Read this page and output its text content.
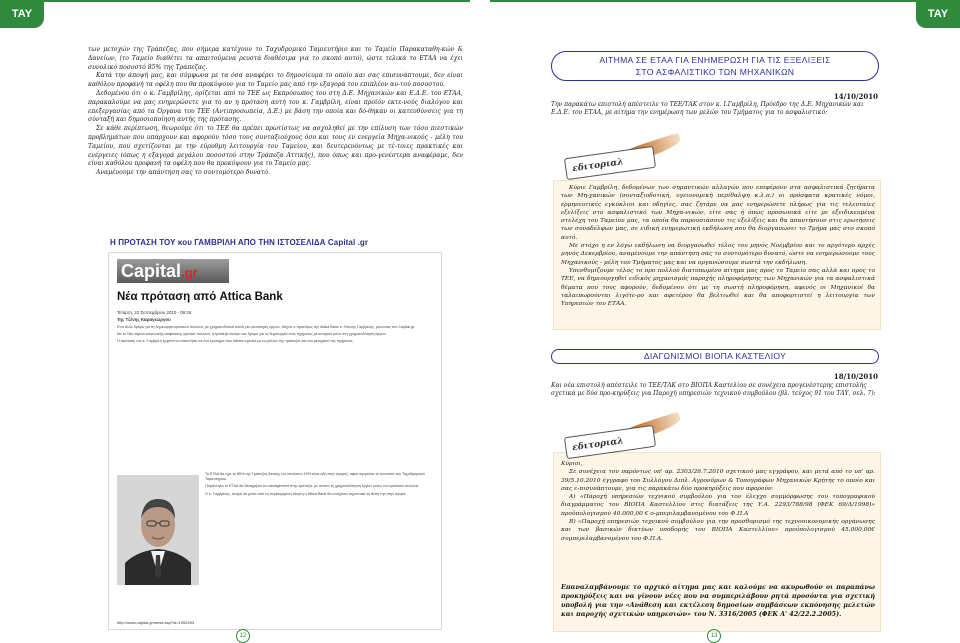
ΤΑΥ	ΤΑΥ

των μετοχών της Τράπεζας, που σήμερα κατέχουν το Ταχυδρομικό Ταμιευτήριο και το Ταμείο Παρακαταθη-κών & Δανείων, (το Ταμείο διαθέτει τα απαιτούμενα ρευστά διαθέσιμα για το σκοπό αυτό), ώστε τελικά το ΕΤΑΑ να έχει συνολικό ποσοστό 85% της Τράπεζας.

Κατά την άποψή μας, και σύμφωνα με τα όσα αναφέρει το δημοσίευμα το οποίο και σας επισυνάπτουμε, δεν είναι καθόλου προφανή τα οφέλη που θα προκύψουν για το Ταμείο μας από την εξαγορά του επιπλέον αυ-τού ποσοστού.

Δεδομένου ότι ο κ. Γαμβρίλης, ορίζεται από το ΤΕΕ ως Εκπρόσωπος του στη Δ.Ε. Μηχανικών και Ε.Δ.Ε. του ΕΤΑΑ, παρακαλούμε να μας ενημερώσετε για το αν η πρόταση αυτή του κ. Γαμβρίλη, είναι προϊόν εκτε-νούς διαλόγου και επεξεργασίας από τα Όργανα του ΤΕΕ (Αντιπροσωπεία, Δ.Ε.) με βάση την οποία και δό-θηκαν οι κατευθύνσεις για τη σύνταξή και δημοσιοποίηση αυτής της πρότασης.

Σε κάθε περίπτωση, θεωρούμε ότι το ΤΕΕ θα πρέπει πρωτίστως να ασχοληθεί με την επίλυση των τόσο πιεστικών προβλημάτων που υπάρχουν και αφορούν τόσο τους συνταξιούχους όσο και τους εν ενεργεία Μηχα-νικούς - μέλη του Ταμείου, που σχετίζονται με την εύρυθμη λειτουργία του Ταμείου, και δευτερευόντως με τέ-τοιες πρακτικές και ενέργειες (όπως η εξαγορά μεγάλου ποσοστού στην Τράπεζα Αττικής), που όπως και προ-γενέστερα αναφέραμε, δεν είναι καθόλου προφανή τα οφέλη που θα προκύψουν για το Ταμείο μας.

Αναμένουμε την απάντηση σας το συντομότερο δυνατό.

Η ΠΡΟΤΑΣΗ ΤΟΥ κου ΓΑΜΒΡΙΛΗ ΑΠΟ ΤΗΝ ΙΣΤΟΣΕΛΙΔΑ Capital .gr
Capital.gr
Νέα πρόταση από Attica Bank
Τετάρτη, 22 Σεπτεμβρίου 2010 - 09:26
Της Τζένης Καραγεώργου

Ένα άλλο δρόμο για τη δημιουργία κρατικού πυλώνα, με χρηματοδοτικά ποσά για υλοποίηση έργων, δείχνει ο πρόεδρος της Attica Bank κ. Γιάννης Γαμβρίλης, μιλώντας στο Capital.gr.

Με το Νέο ταμείο κοινωνικής ασφάλισης κρατικό πυλώνα, η τράπεζα ανοίγει τον δρόμο για τη δημιουργία ενός σχήματος με κεντρικό ρόλο στη χρηματοδότηση έργων.

Η πρόταση του κ. Γαμβρίλη έρχεται να απαντήσει σε ένα ερώτημα που τίθεται σχετικά με το μέλλον της τράπεζας και του μετοχικού της σχήματος.

Το ΕΤΑΑ θα έχει το 85% της Τράπεζας Αττικής (το υπόλοιπο 15% είναι ήδη στην αγορά), αφού αγοράσει το ποσοστό του Ταχυδρομικού Ταμιευτηρίου.

Παράλληλα το ΕΤΑΑ θα διατηρήσει το management στην τράπεζα, με σκοπό τη χρηματοδότηση έργων μέσω του κρατικού πυλώνα.

Ο κ. Γαμβρίλης, εκτιμά ότι μέσα από τη συγκεκριμένη κίνηση η Attica Bank θα ενισχύσει σημαντικά τη θέση της στην αγορά.

http://www.capital.gr/news.asp?id=1052493
ΑΙΤΗΜΑ ΣΕ ΕΤΑΑ ΓΙΑ ΕΝΗΜΕΡΩΣΗ ΓΙΑ ΤΙΣ ΕΞΕΛΙΞΕΙΣ
ΣΤΟ ΑΣΦΑΛΙΣΤΙΚΟ ΤΩΝ ΜΗΧΑΝΙΚΩΝ
14/10/2010
Την παρακάτω επιστολή απέστειλε το ΤΕΕ/ΤΑΚ στον κ. Ι.Γαμβρίλη, Πρόεδρο της Δ.Ε. Μηχανικών και Ε.Δ.Ε. του ΕΤΑΑ, με αίτημα την ενημέρωση των μελών του Τμήματος για το ασφαλιστικό:
εδιτοριαλ

Κύριε Γαμβρίλη, δεδομένων των σημαντικών αλλαγών που επιφέρουν στα ασφαλιστικά ζητήματα των Μη-χανικών (συνταξιοδοτική, υγειονομική περίθαλψη κ.λ.π.) οι πρόσφατα κρατικές νόμοι, ερμηνευτικές εγκύκλιοι και οδηγίες, σας ζητάμε να μας ενημερώσετε πλήρως για τις τελευταίες εξελίξεις στο ασφαλιστικό των Μηχα-νικών, είτε σας ή όπως προσωπικά είτε με εξειδικευμένα στελέχη του Ταμείου μας, τα οποία θα παρουσιάσουν τις εξελίξεις και θα απαντήσουν στις ερωτήσεις των συναδέλφων μας, σε ειδική ενημερωτική εκδήλωση που θα διοργανώσει το Τμήμα μας στο σκοπό αυτό.

Με στόχο η εν λόγω εκδήλωση να διοργανωθεί τέλος του μηνός Νοεμβρίου και το αργότερο αρχές μηνός Δεκεμβρίου, αναμένουμε την απάντηση σας το συντομότερο δυνατό, ώστε να ενημερώσουμε τους Μηχανικούς - μέλη του Τμήματος μας και να οργανώσουμε σωστά την εκδήλωση.

Υπενθυμίζουμε τέλος το προ πολλού διατυπωμένο αίτημα μας προς το Ταμείο σας αλλά και προς το ΤΕΕ, να δημιουργηθεί ειδικός μηχανισμός παροχής πληροφόρησης των Μηχανικών για τα ασφαλιστικά θέματα που τους αφορούν, δεδομένου ότι με τη σωστή πληροφόρηση, αφενός οι Μηχανικοί θα ταλαιπωρούνται λιγότε-ρο και αφετέρου θα βελτιωθεί και θα αποφορτιστεί η λειτουργία των Υπηρεσιών του ΕΤΑΑ.

ΔΙΑΓΩΝΙΣΜΟΙ ΒΙΟΠΑ ΚΑΣΤΕΛΙΟΥ
18/10/2010
Και νέα επιστολή απέστειλε το ΤΕΕ/ΤΑΚ στο ΒΙΟΠΑ Καστελίου σε συνέχεια προγενέστερης επιστολής σχετικά με δύο προ-κηρύξεις για Παροχή υπηρεσιών τεχνικού συμβούλου (βλ. τεύχος 91 του ΤΑΥ, σελ. 7):
εδιτοριαλ

Κύριοι,

Σε συνέχεια του παρόντως υπ' αρ. 2303/26.7.2010 σχετικού μας εγγράφου, και μετά από το υπ' αρ. 39/5.10.2010 έγγραφο του Συλλόγου Διπλ. Αγρονόμων & Τοπογράφων Μηχανικών Κρήτης το οποίο και σας ε-πισυνάπτουμε, για τις παρακάτω δύο προκηρύξεις που αφορούν:

Α) «Παροχή υπηρεσιών τεχνικού συμβούλου για τον έλεγχο συμμόρφωσης του τοπογραφικού διαγράμματος του ΒΙΟΠΑ Καστελλίου στις διατάξεις της Υ.Α. 2293/788/98 (ΦΕΚ 69/Δ/1998)» προϋπολογισμού 40.000,00 € ο-μπεριλαμβανομένου του Φ.Π.Α

Β) «Παροχή υπηρεσιών τεχνικού συμβούλου για την προσθορισμό της τεχνοοικονομικής οργάνωσης και των βασικών δικτύων υποδομής του ΒΙΟΠΑ Καστελλίου» προϋπολογισμού 45.000,00€ συμπεριλαμβανομένου του Φ.Π.Α.

Επαναλαμβάνουμε το αρχικό αίτημα μας και καλούμε να ακυρωθούν οι παραπάνω προκηρύξεις και να γίνουν νέες που να συμπεριλάβουν ρητά προσόντα για σχετική υποβολή για την «Ανάθεση και εκτέλεση δημοσίων συμβάσεων εκπόνησης μελετών και παροχής σχετικών υπηρεσιών» του Ν. 3316/2005 (ΦΕΚ Α' 42/22.2.2005).
12	13
